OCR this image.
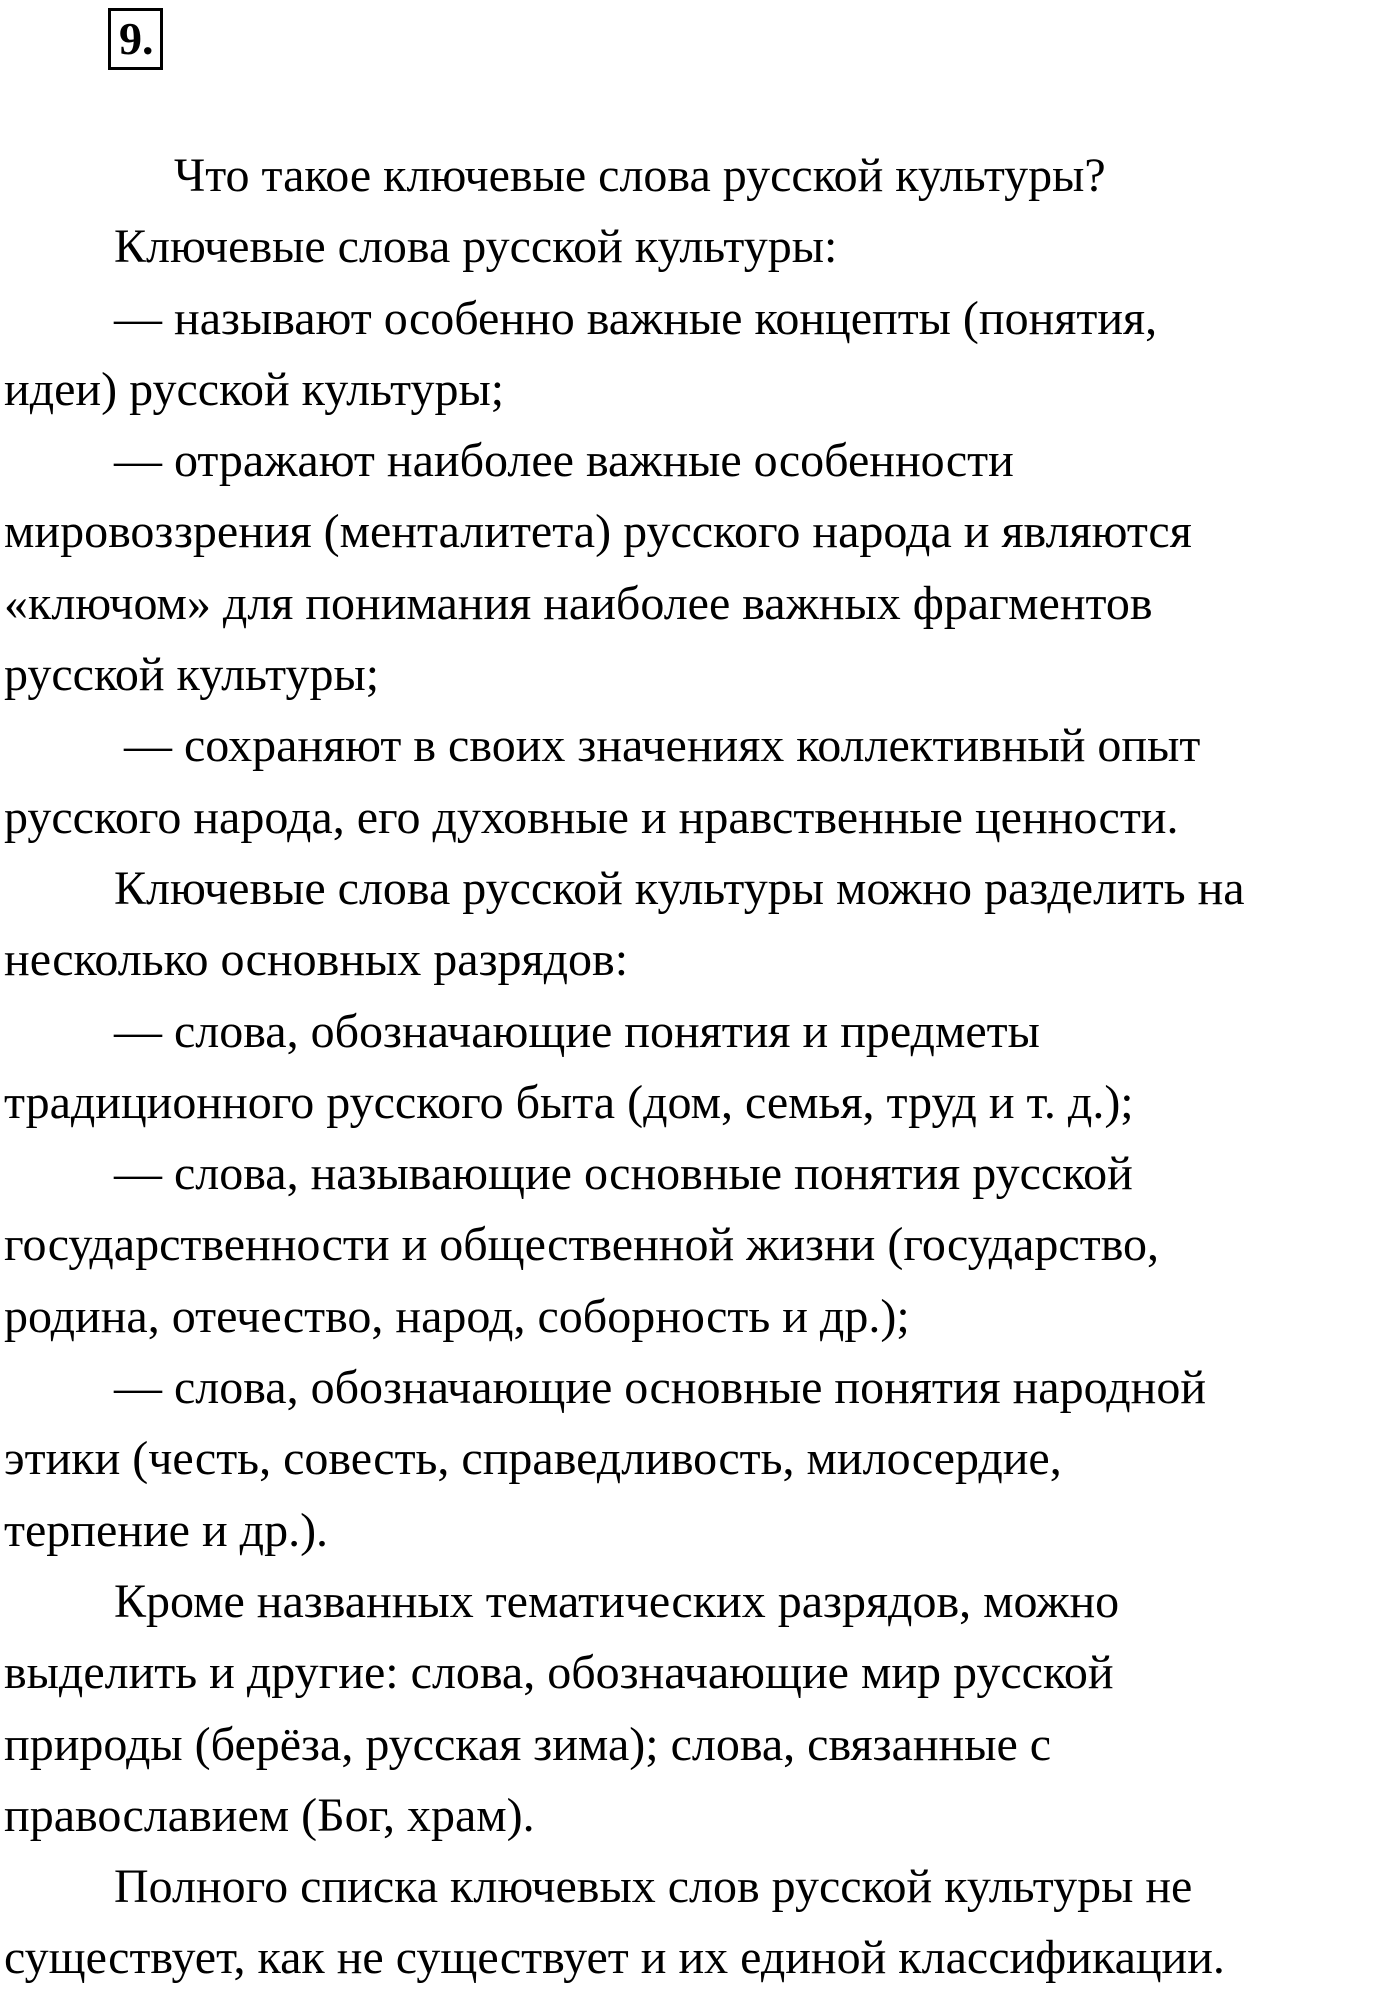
9.
Что такое ключевые слова русской культуры?
Ключевые слова русской культуры:
— называют особенно важные концепты (понятия,
идеи) русской культуры;
— отражают наиболее важные особенности
мировоззрения (менталитета) русского народа и являются
«ключом» для понимания наиболее важных фрагментов
русской культуры;
— сохраняют в своих значениях коллективный опыт
русского народа, его духовные и нравственные ценности.
Ключевые слова русской культуры можно разделить на
несколько основных разрядов:
— слова, обозначающие понятия и предметы
традиционного русского быта (дом, семья, труд и т. д.);
— слова, называющие основные понятия русской
государственности и общественной жизни (государство,
родина, отечество, народ, соборность и др.);
— слова, обозначающие основные понятия народной
этики (честь, совесть, справедливость, милосердие,
терпение и др.).
Кроме названных тематических разрядов, можно
выделить и другие: слова, обозначающие мир русской
природы (берёза, русская зима); слова, связанные с
православием (Бог, храм).
Полного списка ключевых слов русской культуры не
существует, как не существует и их единой классификации.
